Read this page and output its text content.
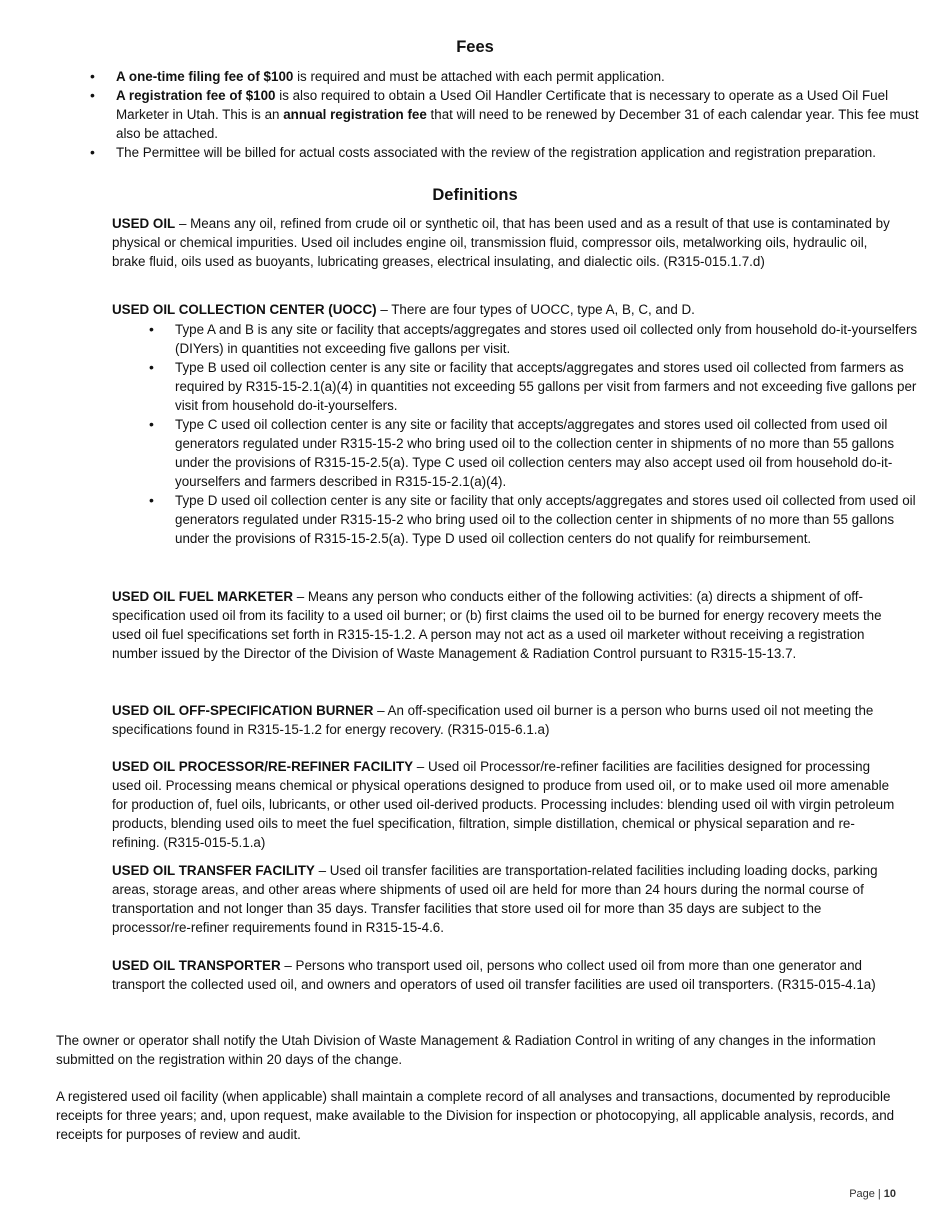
Fees
• A one-time filing fee of $100 is required and must be attached with each permit application.
• A registration fee of $100 is also required to obtain a Used Oil Handler Certificate that is necessary to operate as a Used Oil Fuel Marketer in Utah. This is an annual registration fee that will need to be renewed by December 31 of each calendar year. This fee must also be attached.
• The Permittee will be billed for actual costs associated with the review of the registration application and registration preparation.
Definitions

USED OIL – Means any oil, refined from crude oil or synthetic oil, that has been used and as a result of that use is contaminated by physical or chemical impurities. Used oil includes engine oil, transmission fluid, compressor oils, metalworking oils, hydraulic oil, brake fluid, oils used as buoyants, lubricating greases, electrical insulating, and dialectic oils. (R315-015.1.7.d)

USED OIL COLLECTION CENTER (UOCC) – There are four types of UOCC, type A, B, C, and D.

• Type A and B is any site or facility that accepts/aggregates and stores used oil collected only from household do-it-yourselfers (DIYers) in quantities not exceeding five gallons per visit.
• Type B used oil collection center is any site or facility that accepts/aggregates and stores used oil collected from farmers as required by R315-15-2.1(a)(4) in quantities not exceeding 55 gallons per visit from farmers and not exceeding five gallons per visit from household do-it-yourselfers.
• Type C used oil collection center is any site or facility that accepts/aggregates and stores used oil collected from used oil generators regulated under R315-15-2 who bring used oil to the collection center in shipments of no more than 55 gallons under the provisions of R315-15-2.5(a). Type C used oil collection centers may also accept used oil from household do-it-yourselfers and farmers described in R315-15-2.1(a)(4).
• Type D used oil collection center is any site or facility that only accepts/aggregates and stores used oil collected from used oil generators regulated under R315-15-2 who bring used oil to the collection center in shipments of no more than 55 gallons under the provisions of R315-15-2.5(a). Type D used oil collection centers do not qualify for reimbursement.

USED OIL FUEL MARKETER – Means any person who conducts either of the following activities: (a) directs a shipment of off-specification used oil from its facility to a used oil burner; or (b) first claims the used oil to be burned for energy recovery meets the used oil fuel specifications set forth in R315-15-1.2. A person may not act as a used oil marketer without receiving a registration number issued by the Director of the Division of Waste Management & Radiation Control pursuant to R315-15-13.7.

USED OIL OFF-SPECIFICATION BURNER – An off-specification used oil burner is a person who burns used oil not meeting the specifications found in R315-15-1.2 for energy recovery. (R315-015-6.1.a)

USED OIL PROCESSOR/RE-REFINER FACILITY – Used oil Processor/re-refiner facilities are facilities designed for processing used oil. Processing means chemical or physical operations designed to produce from used oil, or to make used oil more amenable for production of, fuel oils, lubricants, or other used oil-derived products. Processing includes: blending used oil with virgin petroleum products, blending used oils to meet the fuel specification, filtration, simple distillation, chemical or physical separation and re-refining. (R315-015-5.1.a)

USED OIL TRANSFER FACILITY – Used oil transfer facilities are transportation-related facilities including loading docks, parking areas, storage areas, and other areas where shipments of used oil are held for more than 24 hours during the normal course of transportation and not longer than 35 days. Transfer facilities that store used oil for more than 35 days are subject to the processor/re-refiner requirements found in R315-15-4.6.

USED OIL TRANSPORTER – Persons who transport used oil, persons who collect used oil from more than one generator and transport the collected used oil, and owners and operators of used oil transfer facilities are used oil transporters. (R315-015-4.1a)

The owner or operator shall notify the Utah Division of Waste Management & Radiation Control in writing of any changes in the information submitted on the registration within 20 days of the change.

A registered used oil facility (when applicable) shall maintain a complete record of all analyses and transactions, documented by reproducible receipts for three years; and, upon request, make available to the Division for inspection or photocopying, all applicable analysis, records, and receipts for purposes of review and audit.

Page | 10
